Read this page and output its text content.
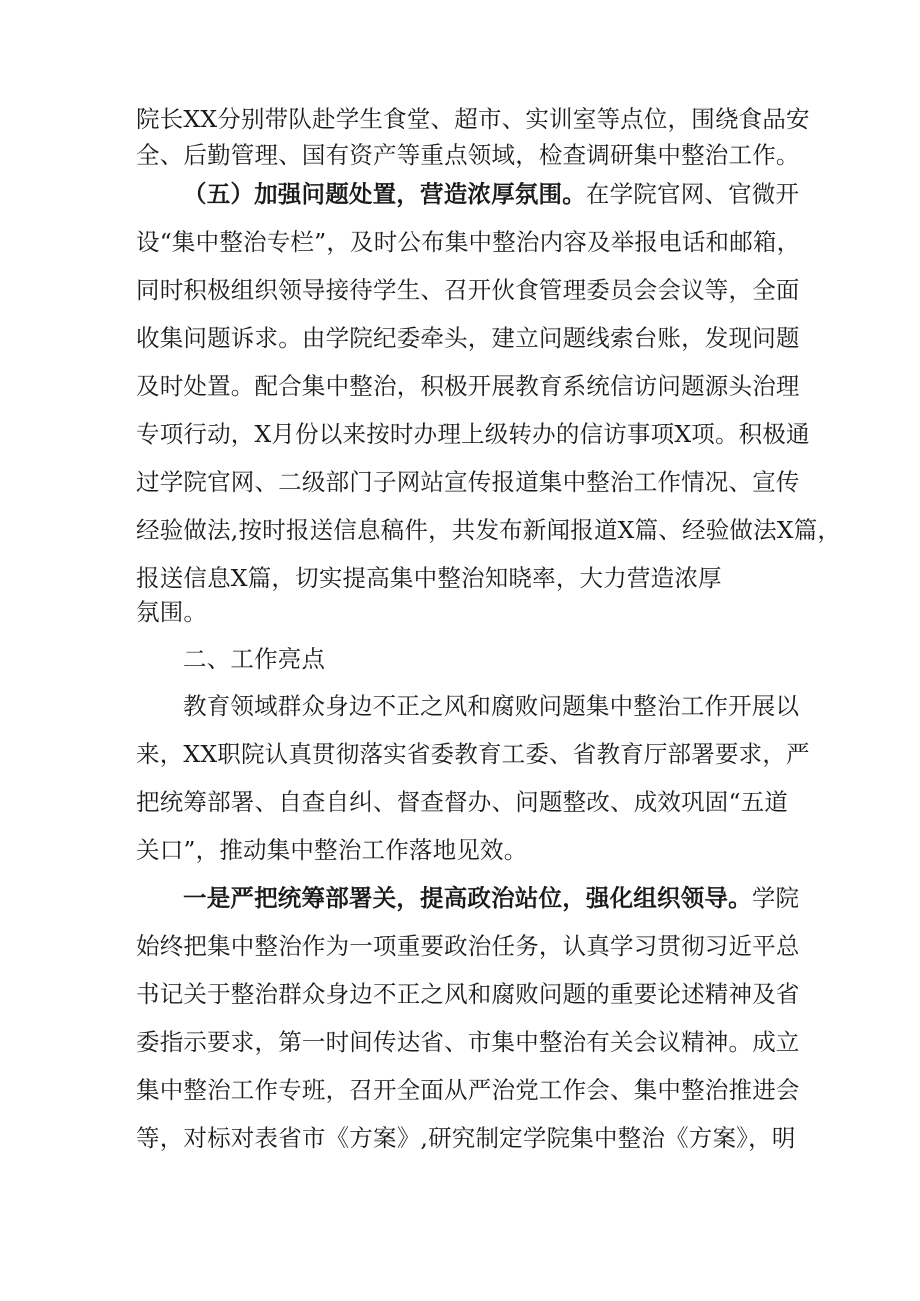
院长XX分别带队赴学生食堂、超市、实训室等点位，围绕食品安
全、后勤管理、国有资产等重点领域，检查调研集中整治工作。
（五）加强问题处置，营造浓厚氛围。在学院官网、官微开
设“集中整治专栏”，及时公布集中整治内容及举报电话和邮箱，
同时积极组织领导接待学生、召开伙食管理委员会会议等，全面
收集问题诉求。由学院纪委牵头，建立问题线索台账，发现问题
及时处置。配合集中整治，积极开展教育系统信访问题源头治理
专项行动，X月份以来按时办理上级转办的信访事项X项。积极通
过学院官网、二级部门子网站宣传报道集中整治工作情况、宣传
经验做法,按时报送信息稿件，共发布新闻报道X篇、经验做法X篇，
报送信息X篇，切实提高集中整治知晓率，大力营造浓厚
氛围。
二、工作亮点
教育领域群众身边不正之风和腐败问题集中整治工作开展以
来，XX职院认真贯彻落实省委教育工委、省教育厅部署要求，严
把统筹部署、自查自纠、督查督办、问题整改、成效巩固“五道
关口”，推动集中整治工作落地见效。
一是严把统筹部署关，提高政治站位，强化组织领导。学院
始终把集中整治作为一项重要政治任务，认真学习贯彻习近平总
书记关于整治群众身边不正之风和腐败问题的重要论述精神及省
委指示要求，第一时间传达省、市集中整治有关会议精神。成立
集中整治工作专班，召开全面从严治党工作会、集中整治推进会
等，对标对表省市《方案》,研究制定学院集中整治《方案》，明
